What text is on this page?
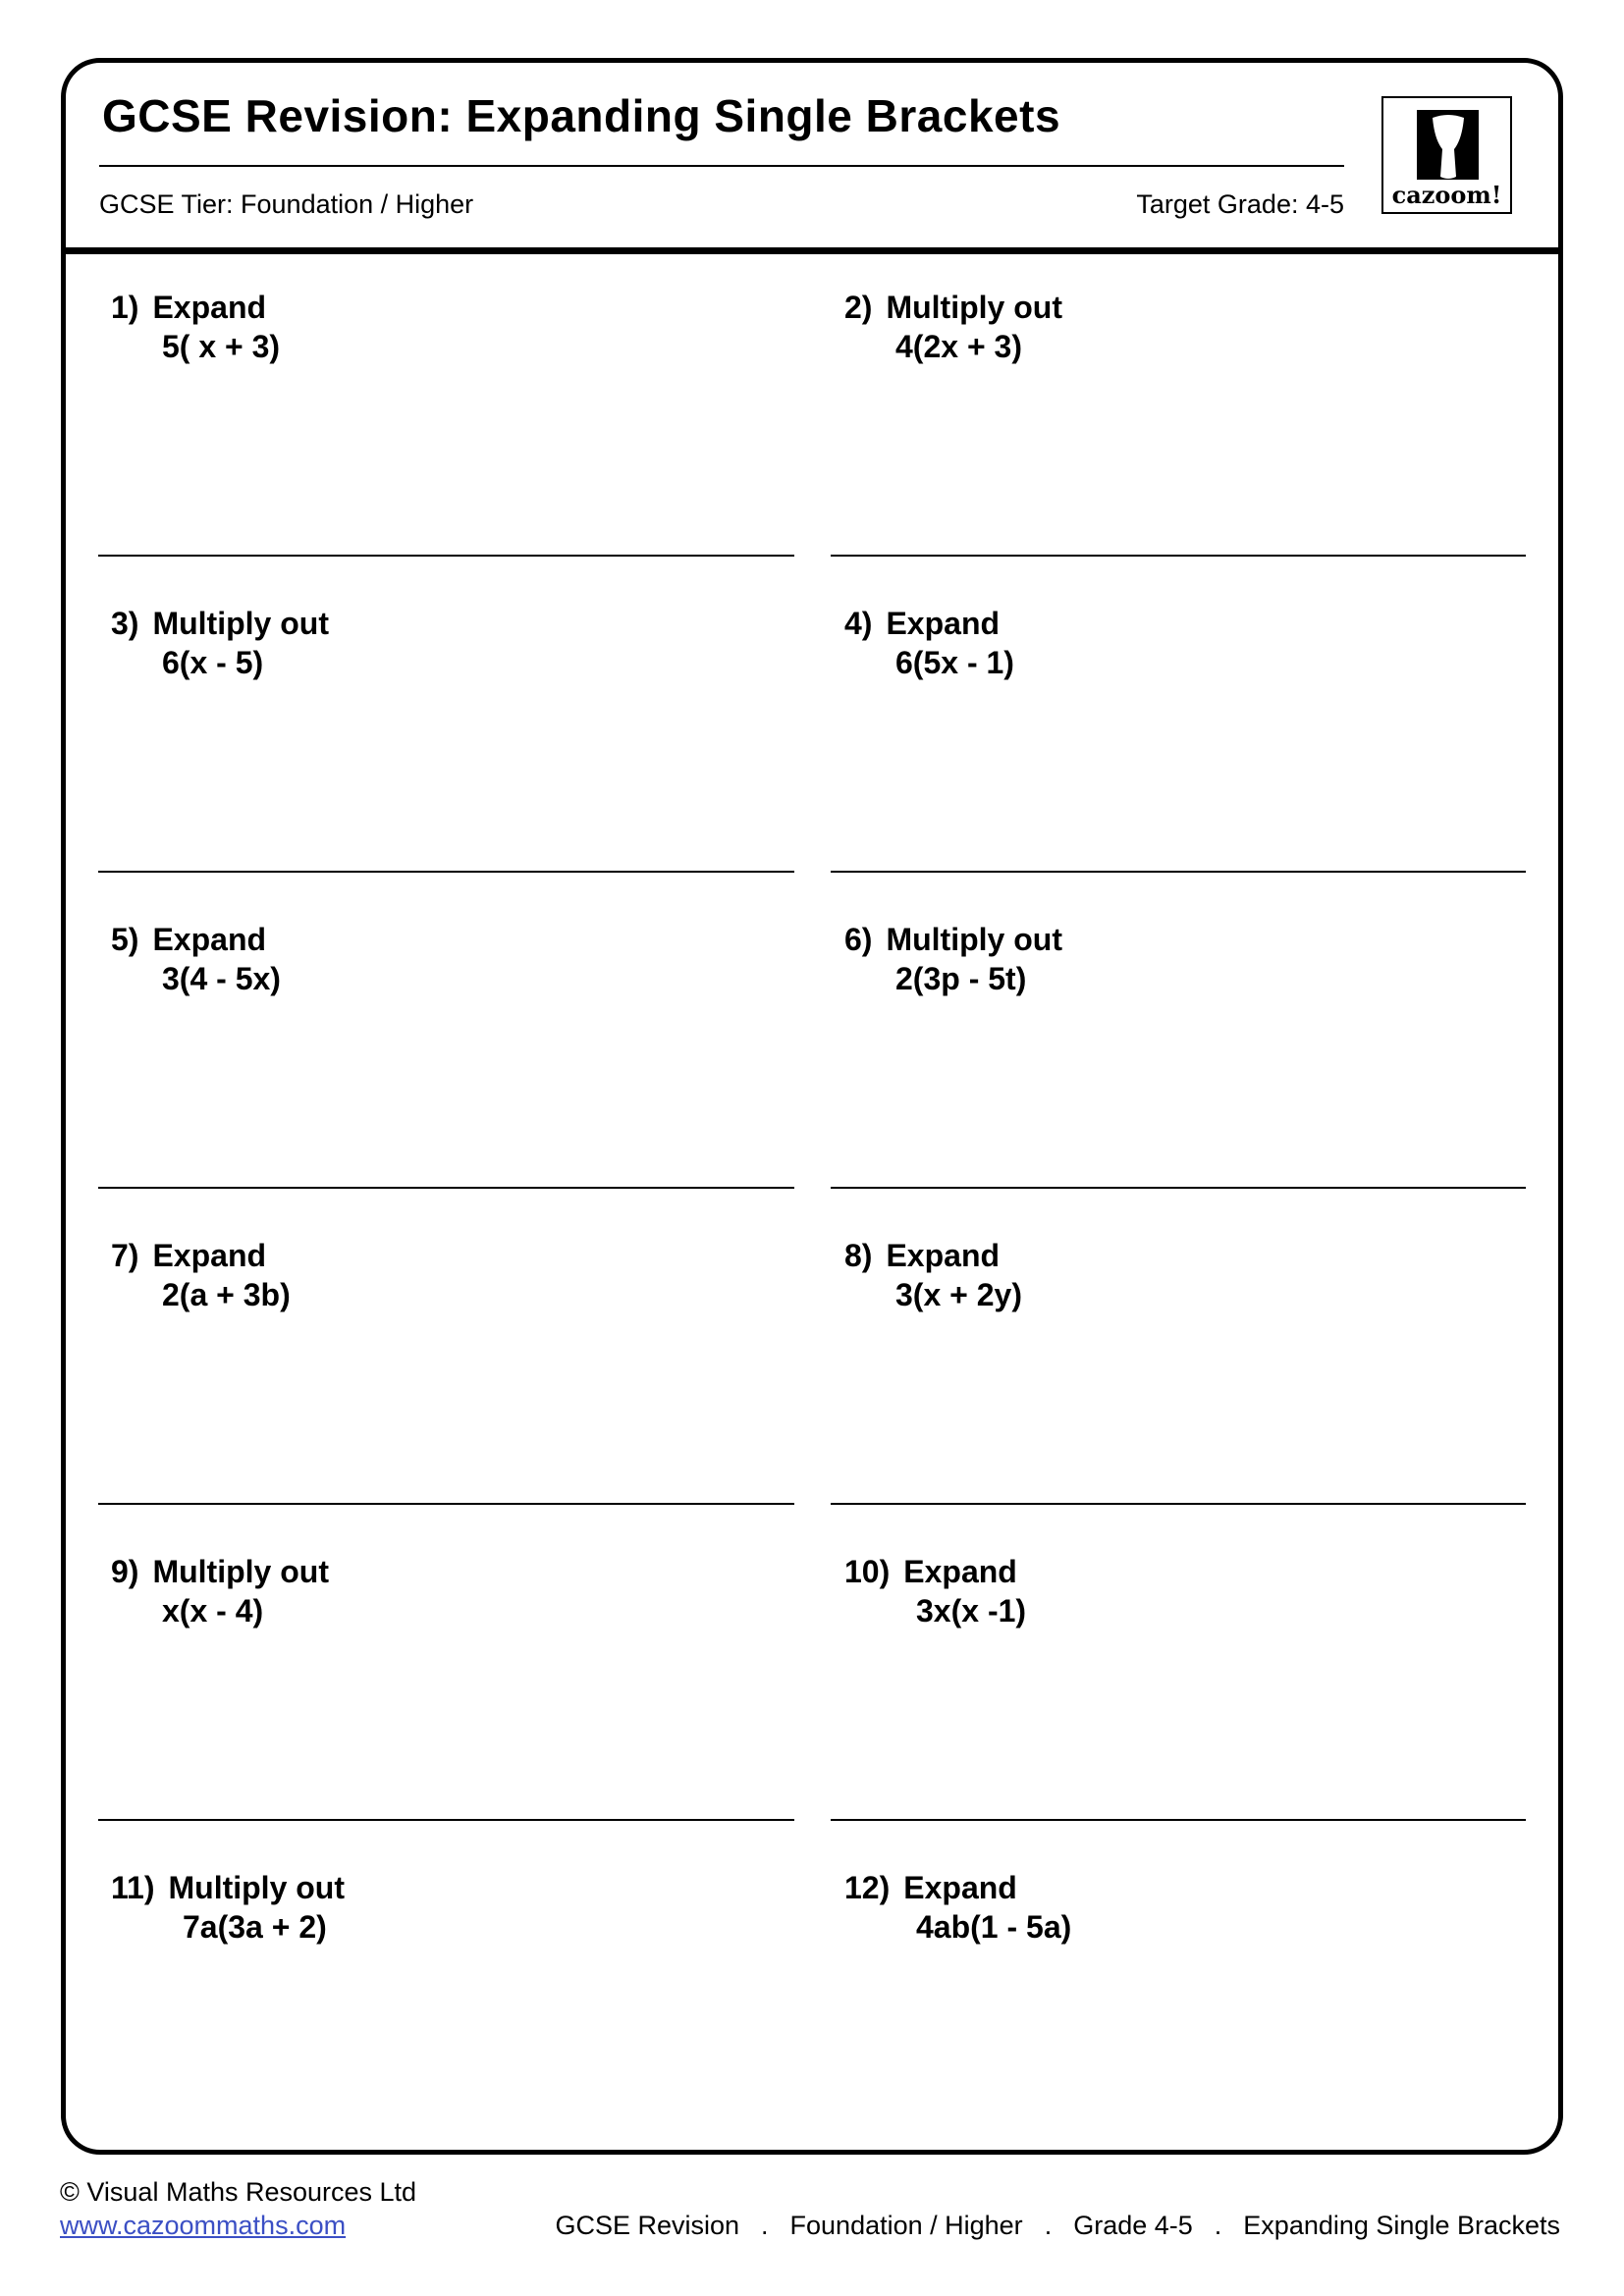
GCSE Revision: Expanding Single Brackets
GCSE Tier: Foundation / Higher	Target Grade: 4-5	cazoom!
1) Expand
5( x + 3)
2) Multiply out
4(2x + 3)
3) Multiply out
6(x - 5)
4) Expand
6(5x - 1)
5) Expand
3(4 - 5x)
6) Multiply out
2(3p - 5t)
7) Expand
2(a + 3b)
8) Expand
3(x + 2y)
9) Multiply out
x(x - 4)
10) Expand
3x(x -1)
11) Multiply out
7a(3a + 2)
12) Expand
4ab(1 - 5a)
© Visual Maths Resources Ltd
www.cazoommaths.com	GCSE Revision . Foundation / Higher . Grade 4-5 . Expanding Single Brackets
